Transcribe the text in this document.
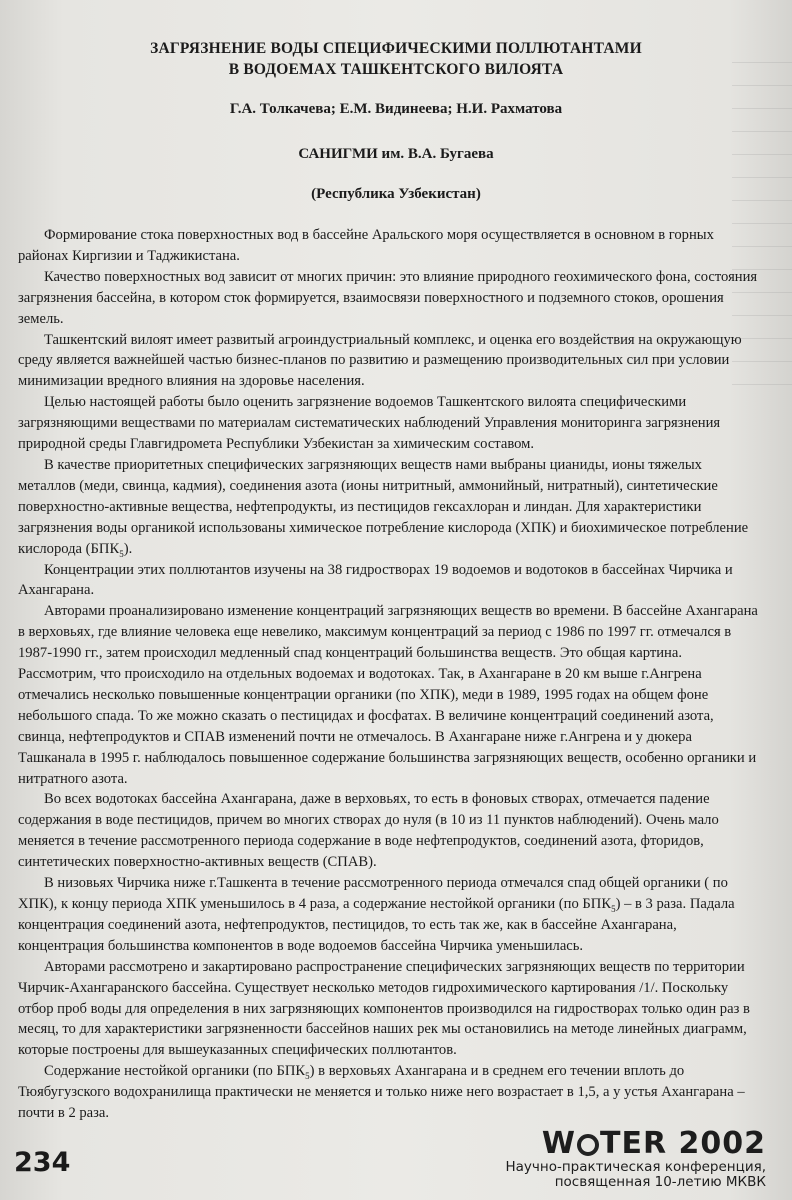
ЗАГРЯЗНЕНИЕ ВОДЫ СПЕЦИФИЧЕСКИМИ ПОЛЛЮТАНТАМИ
В ВОДОЕМАХ ТАШКЕНТСКОГО ВИЛОЯТА
Г.А. Толкачева; Е.М. Видинеева; Н.И. Рахматова
САНИГМИ им. В.А. Бугаева
(Республика Узбекистан)

Формирование стока поверхностных вод в бассейне Аральского моря осуществляется в основном в горных районах Киргизии и Таджикистана.

Качество поверхностных вод зависит от многих причин: это влияние природного геохимического фона, состояния загрязнения бассейна, в котором сток формируется, взаимосвязи поверхностного и подземного стоков, орошения земель.

Ташкентский вилоят имеет развитый агроиндустриальный комплекс, и оценка его воздействия на окружающую среду является важнейшей частью бизнес-планов по развитию и размещению производительных сил при условии минимизации вредного влияния на здоровье населения.

Целью настоящей работы было оценить загрязнение водоемов Ташкентского вилоята специфическими загрязняющими веществами по материалам систематических наблюдений Управления мониторинга загрязнения природной среды Главгидромета Республики Узбекистан за химическим составом.

В качестве приоритетных специфических загрязняющих веществ нами выбраны цианиды, ионы тяжелых металлов (меди, свинца, кадмия), соединения азота (ионы нитритный, аммонийный, нитратный), синтетические поверхностно-активные вещества, нефтепродукты, из пестицидов гексахлоран и линдан. Для характеристики загрязнения воды органикой использованы химическое потребление кислорода (ХПК) и биохимическое потребление кислорода $(БПК_5)$.

Концентрации этих поллютантов изучены на 38 гидростворах 19 водоемов и водотоков в бассейнах Чирчика и Ахангарана.

Авторами проанализировано изменение концентраций загрязняющих веществ во времени. В бассейне Ахангарана в верховьях, где влияние человека еще невелико, максимум концентраций за период с 1986 по 1997 гг. отмечался в 1987-1990 гг., затем происходил медленный спад концентраций большинства веществ. Это общая картина. Рассмотрим, что происходило на отдельных водоемах и водотоках. Так, в Ахангаране в 20 км выше г.Ангрена отмечались несколько повышенные концентрации органики (по ХПК), меди в 1989, 1995 годах на общем фоне небольшого спада. То же можно сказать о пестицидах и фосфатах. В величине концентраций соединений азота, свинца, нефтепродуктов и СПАВ изменений почти не отмечалось. В Ахангаране ниже г.Ангрена и у дюкера Ташканала в 1995 г. наблюдалось повышенное содержание большинства загрязняющих веществ, особенно органики и нитратного азота.

Во всех водотоках бассейна Ахангарана, даже в верховьях, то есть в фоновых створах, отмечается падение содержания в воде пестицидов, причем во многих створах до нуля (в 10 из 11 пунктов наблюдений). Очень мало меняется в течение рассмотренного периода содержание в воде нефтепродуктов, соединений азота, фторидов, синтетических поверхностно-активных веществ (СПАВ).

В низовьях Чирчика ниже г.Ташкента в течение рассмотренного периода отмечался спад общей органики ( по ХПК), к концу периода ХПК уменьшилось в 4 раза, а содержание нестойкой органики (по $БПК_5$) – в 3 раза. Падала концентрация соединений азота, нефтепродуктов, пестицидов, то есть так же, как в бассейне Ахангарана, концентрация большинства компонентов в воде водоемов бассейна Чирчика уменьшилась.

Авторами рассмотрено и закартировано распространение специфических загрязняющих веществ по территории Чирчик-Ахангаранского бассейна. Существует несколько методов гидрохимического картирования /1/. Поскольку отбор проб воды для определения в них загрязняющих компонентов производился на гидростворах только один раз в месяц, то для характеристики загрязненности бассейнов наших рек мы остановились на методе линейных диаграмм, которые построены для вышеуказанных специфических поллютантов.

Содержание нестойкой органики (по $БПК_5$) в верховьях Ахангарана и в среднем его течении вплоть до Тюябугузского водохранилища практически не меняется и только ниже него возрастает в 1,5, а у устья Ахангарана – почти в 2 раза.

234
W TER 2002
Научно-практическая конференция,
посвященная 10-летию МКВК
